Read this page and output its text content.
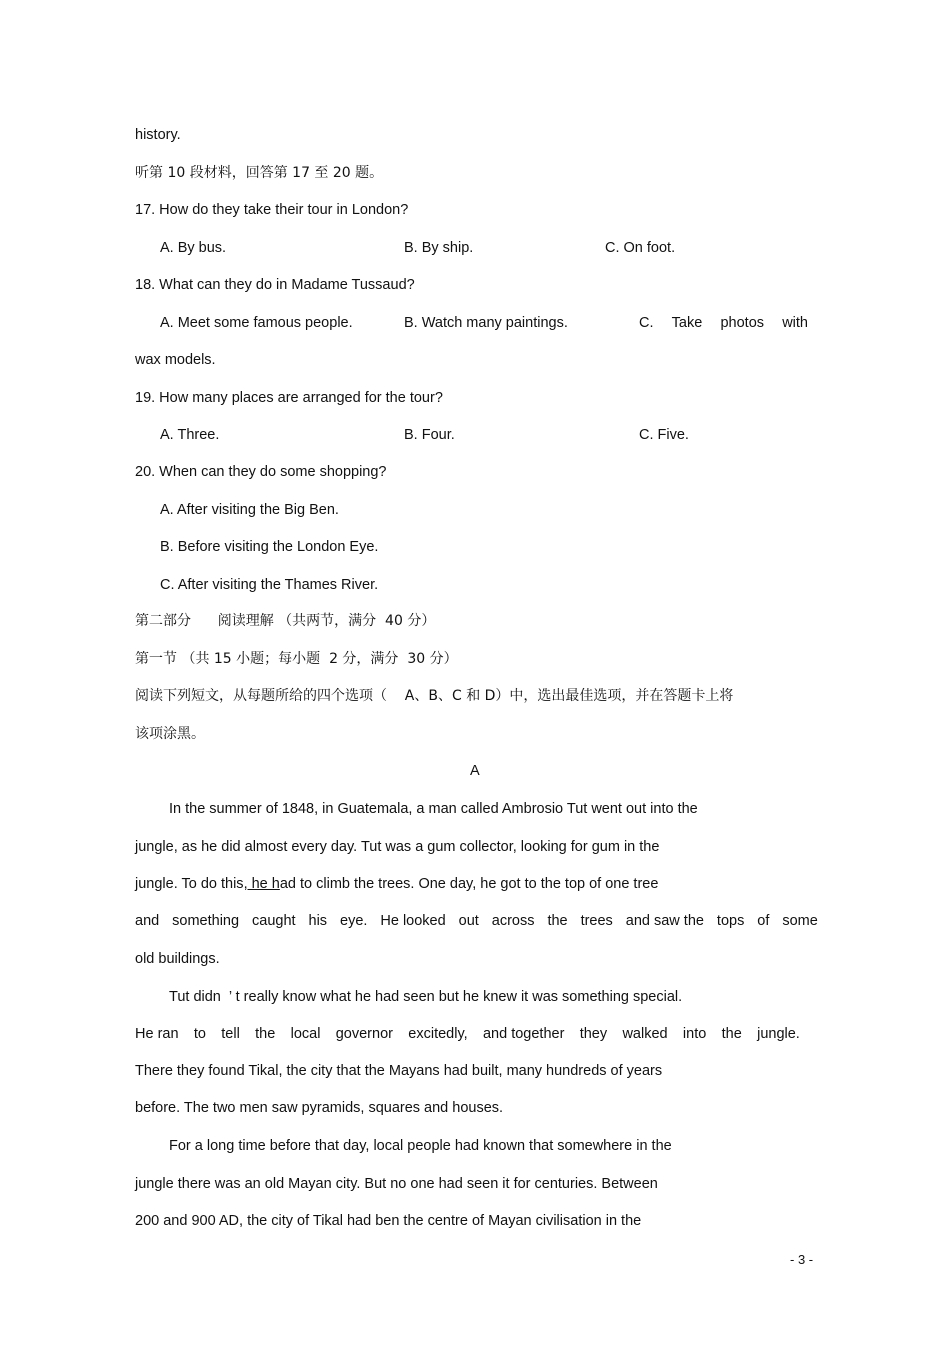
history.
听第 10 段材料，回答第 17 至 20 题。
17. How do they take their tour in London?
A. By bus.	B. By ship.	C. On foot.
18. What can they do in Madame Tussaud?
A. Meet some famous people.	B. Watch many paintings.	C. Take photos with
wax models.
19. How many places are arranged for the tour?
A. Three.	B. Four.	C. Five.
20. When can they do some shopping?
A. After visiting the Big Ben.
B. Before visiting the London Eye.
C. After visiting the Thames River.
第二部分      阅读理解 （共两节，满分  40 分）
第一节 （共 15 小题；每小题  2 分，满分  30 分）
阅读下列短文，从每题所给的四个选项（    A、B、C 和 D）中，选出最佳选项，并在答题卡上将
该项涂黑。
A
In the summer of 1848, in Guatemala, a man called Ambrosio Tut went out into the
jungle, as he did almost every day. Tut was a gum collector, looking for gum in the
jungle. To do this, he had to climb the trees. One day, he got to the top of one tree
and something caught his eye. He looked out across the trees and saw the tops of some
old buildings.
Tut didn  ’ t really know what he had seen but he knew it was something special.
He ran to tell the local governor excitedly, and together they walked into the jungle.
There they found Tikal, the city that the Mayans had built, many hundreds of years
before. The two men saw pyramids, squares and houses.
For a long time before that day, local people had known that somewhere in the
jungle there was an old Mayan city. But no one had seen it for centuries. Between
200 and 900 AD, the city of Tikal had ben the centre of Mayan civilisation in the
- 3 -
